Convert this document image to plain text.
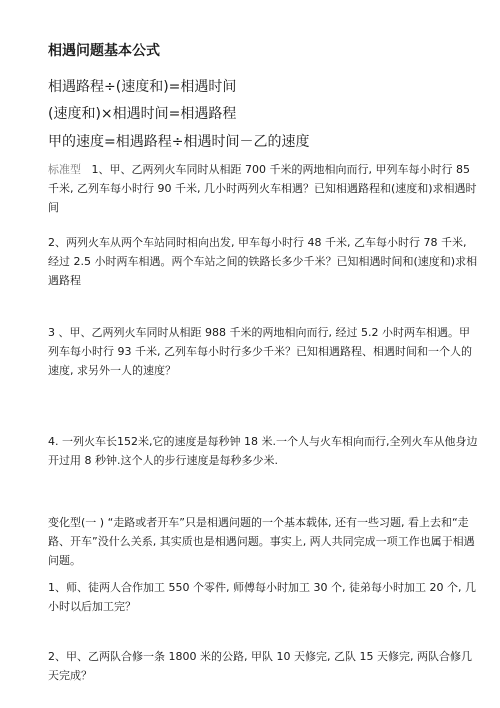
相遇问题基本公式

相遇路程÷(速度和)=相遇时间

(速度和)×相遇时间=相遇路程

甲的速度=相遇路程÷相遇时间－乙的速度

标准型 1、甲、乙两列火车同时从相距 700 千米的两地相向而行, 甲列车每小时行 85 千米, 乙列车每小时行 90 千米, 几小时两列火车相遇？已知相遇路程和(速度和)求相遇时间

2、两列火车从两个车站同时相向出发, 甲车每小时行 48 千米, 乙车每小时行 78 千米, 经过 2.5 小时两车相遇。两个车站之间的铁路长多少千米？已知相遇时间和(速度和)求相遇路程

3 、甲、乙两列火车同时从相距 988 千米的两地相向而行, 经过 5.2 小时两车相遇。甲列车每小时行 93 千米, 乙列车每小时行多少千米？已知相遇路程、相遇时间和一个人的速度, 求另外一人的速度？

4. 一列火车长152米,它的速度是每秒钟 18 米.一个人与火车相向而行,全列火车从他身边开过用 8 秒钟.这个人的步行速度是每秒多少米.

变化型(一 ) “走路或者开车”只是相遇问题的一个基本载体, 还有一些习题, 看上去和“走路、开车”没什么关系, 其实质也是相遇问题。事实上, 两人共同完成一项工作也属于相遇问题。

1、师、徒两人合作加工 550 个零件, 师傅每小时加工 30 个, 徒弟每小时加工 20 个, 几小时以后加工完？

2、甲、乙两队合修一条 1800 米的公路, 甲队 10 天修完, 乙队 15 天修完, 两队合修几天完成？
